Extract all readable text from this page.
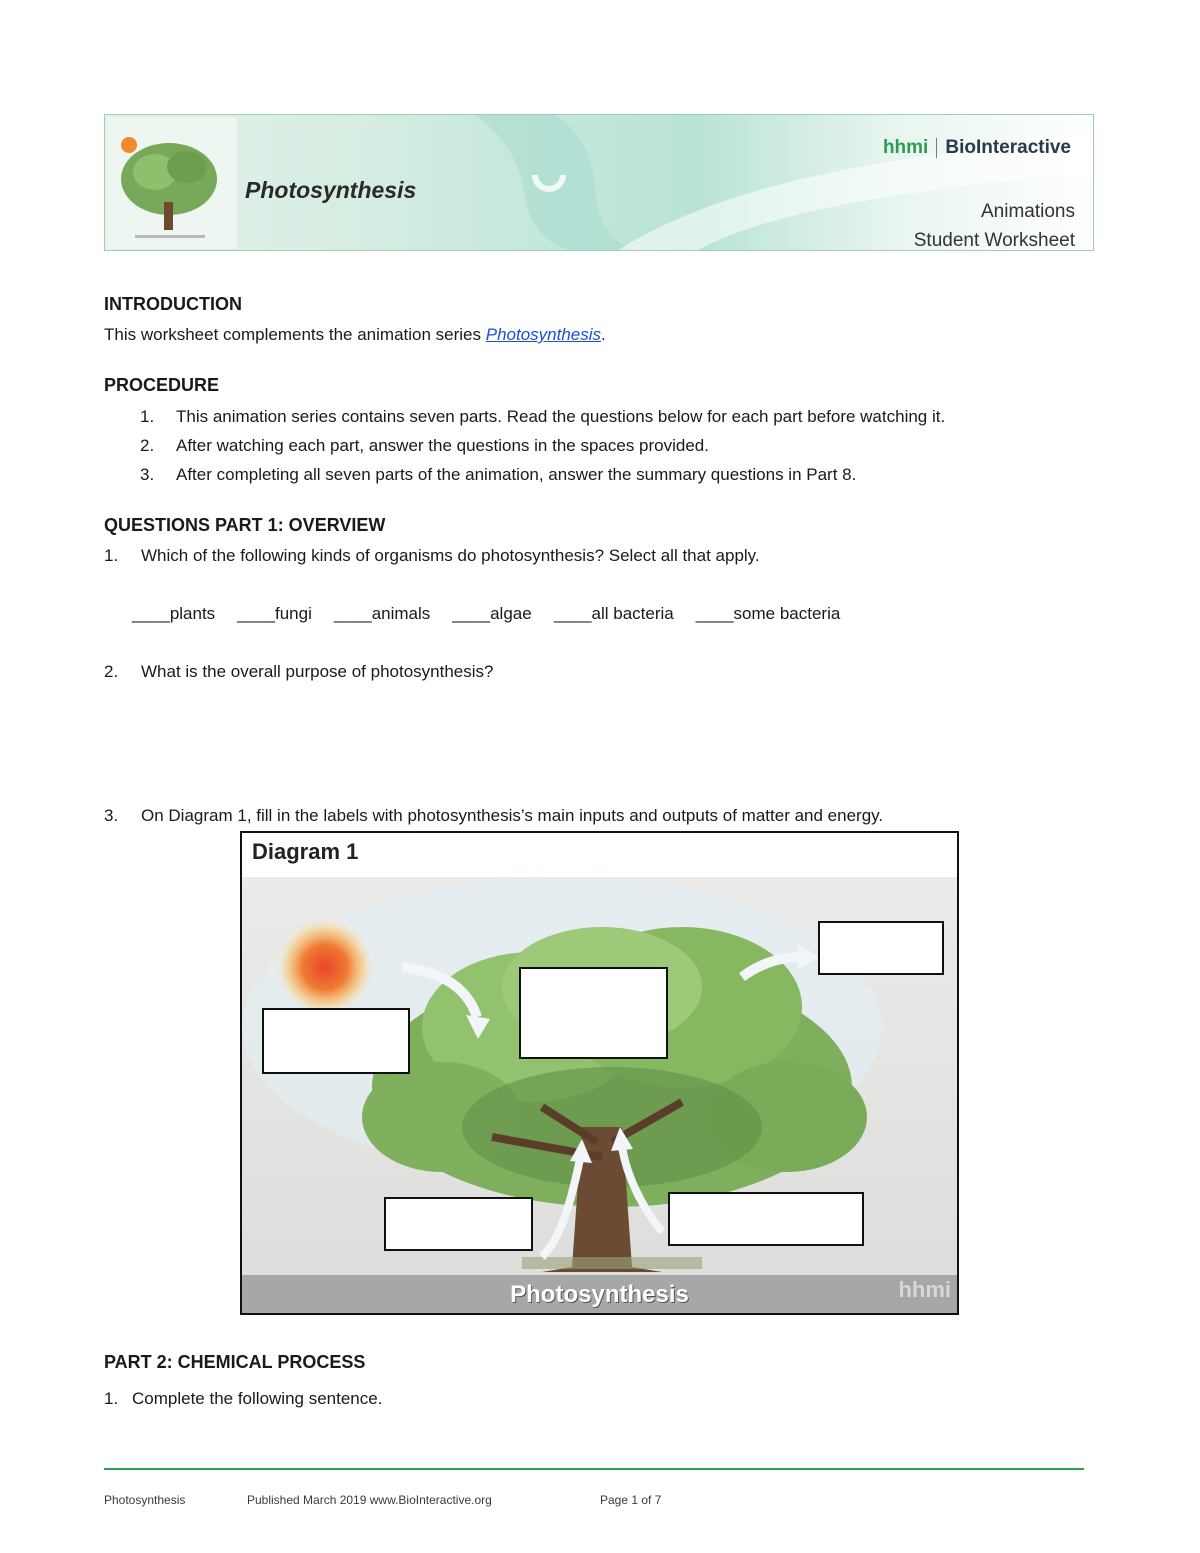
Photosynthesis
hhmi BioInteractive
Animations
Student Worksheet
INTRODUCTION
This worksheet complements the animation series Photosynthesis.
PROCEDURE
1.	This animation series contains seven parts. Read the questions below for each part before watching it.
2.	After watching each part, answer the questions in the spaces provided.
3.	After completing all seven parts of the animation, answer the summary questions in Part 8.
QUESTIONS PART 1: OVERVIEW
1.	Which of the following kinds of organisms do photosynthesis? Select all that apply.
____plants ____fungi ____animals ____algae ____all bacteria ____some bacteria
2.	What is the overall purpose of photosynthesis?
3.	On Diagram 1, fill in the labels with photosynthesis’s main inputs and outputs of matter and energy.
Diagram 1
Photosynthesis	hhmi
PART 2: CHEMICAL PROCESS
1. Complete the following sentence.
Photosynthesis	Published March 2019 www.BioInteractive.org	Page 1 of 7
